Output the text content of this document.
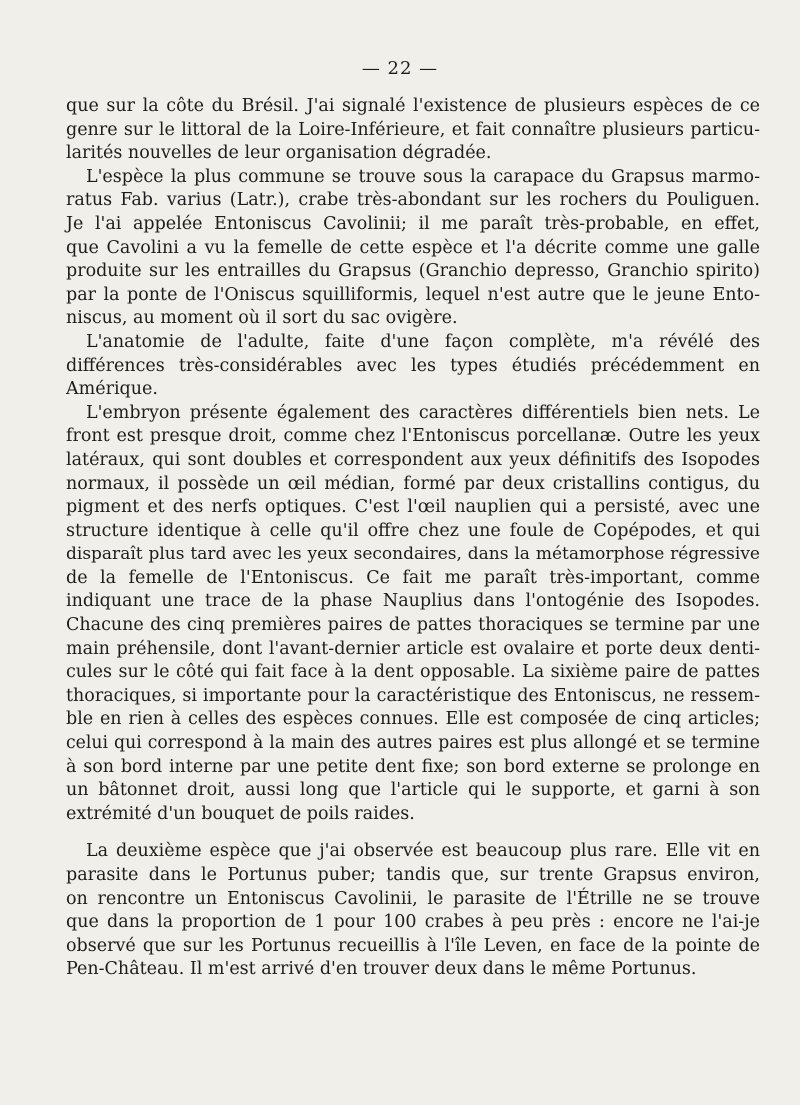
— 22 —
que sur la côte du Brésil. J'ai signalé l'existence de plusieurs espèces de ce
genre sur le littoral de la Loire-Inférieure, et fait connaître plusieurs particu-
larités nouvelles de leur organisation dégradée.
L'espèce la plus commune se trouve sous la carapace du Grapsus marmo-
ratus Fab. varius (Latr.), crabe très-abondant sur les rochers du Pouliguen.
Je l'ai appelée Entoniscus Cavolinii; il me paraît très-probable, en effet,
que Cavolini a vu la femelle de cette espèce et l'a décrite comme une galle
produite sur les entrailles du Grapsus (Granchio depresso, Granchio spirito)
par la ponte de l'Oniscus squilliformis, lequel n'est autre que le jeune Ento-
niscus, au moment où il sort du sac ovigère.
L'anatomie de l'adulte, faite d'une façon complète, m'a révélé des
différences très-considérables avec les types étudiés précédemment en
Amérique.
L'embryon présente également des caractères différentiels bien nets. Le
front est presque droit, comme chez l'Entoniscus porcellanæ. Outre les yeux
latéraux, qui sont doubles et correspondent aux yeux définitifs des Isopodes
normaux, il possède un œil médian, formé par deux cristallins contigus, du
pigment et des nerfs optiques. C'est l'œil nauplien qui a persisté, avec une
structure identique à celle qu'il offre chez une foule de Copépodes, et qui
disparaît plus tard avec les yeux secondaires, dans la métamorphose régressive
de la femelle de l'Entoniscus. Ce fait me paraît très-important, comme
indiquant une trace de la phase Nauplius dans l'ontogénie des Isopodes.
Chacune des cinq premières paires de pattes thoraciques se termine par une
main préhensile, dont l'avant-dernier article est ovalaire et porte deux denti-
cules sur le côté qui fait face à la dent opposable. La sixième paire de pattes
thoraciques, si importante pour la caractéristique des Entoniscus, ne ressem-
ble en rien à celles des espèces connues. Elle est composée de cinq articles;
celui qui correspond à la main des autres paires est plus allongé et se termine
à son bord interne par une petite dent fixe; son bord externe se prolonge en
un bâtonnet droit, aussi long que l'article qui le supporte, et garni à son
extrémité d'un bouquet de poils raides.
La deuxième espèce que j'ai observée est beaucoup plus rare. Elle vit en
parasite dans le Portunus puber; tandis que, sur trente Grapsus environ,
on rencontre un Entoniscus Cavolinii, le parasite de l'Étrille ne se trouve
que dans la proportion de 1 pour 100 crabes à peu près : encore ne l'ai-je
observé que sur les Portunus recueillis à l'île Leven, en face de la pointe de
Pen-Château. Il m'est arrivé d'en trouver deux dans le même Portunus.
